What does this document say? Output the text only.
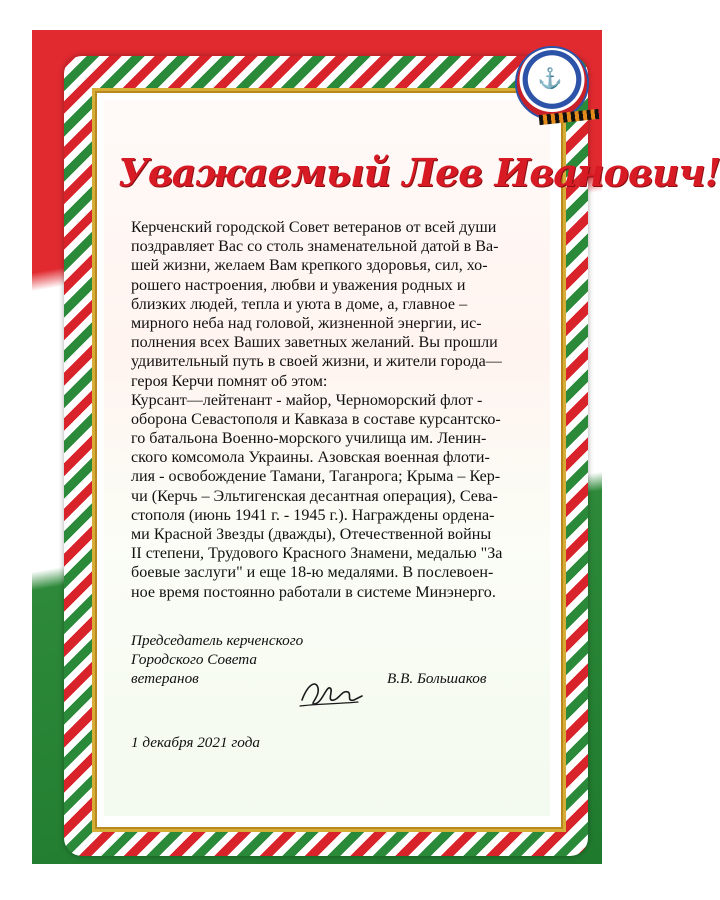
⚓
Уважаемый Лев Иванович!
Керченский городской Совет ветеранов от всей души
поздравляет Вас со столь знаменательной датой в Ва-
шей жизни, желаем Вам крепкого здоровья, сил, хо-
рошего настроения, любви и уважения родных и
близких людей, тепла и уюта в доме, а, главное –
мирного неба над головой, жизненной энергии, ис-
полнения всех Ваших заветных желаний. Вы прошли
удивительный путь в своей жизни, и жители города—
героя Керчи помнят об этом:
Курсант—лейтенант - майор, Черноморский флот -
оборона Севастополя и Кавказа в составе курсантско-
го батальона Военно-морского училища им. Ленин-
ского комсомола Украины. Азовская военная флоти-
лия - освобождение Тамани, Таганрога; Крыма – Кер-
чи (Керчь – Эльтигенская десантная операция), Сева-
стополя (июнь 1941 г. - 1945 г.). Награждены ордена-
ми Красной Звезды (дважды), Отечественной войны
II степени, Трудового Красного Знамени, медалью "За
боевые заслуги" и еще 18-ю медалями. В послевоен-
ное время постоянно работали в системе Минэнерго.
Председатель керченского
Городского Совета
ветеранов	В.В. Большаков
1 декабря 2021 года
